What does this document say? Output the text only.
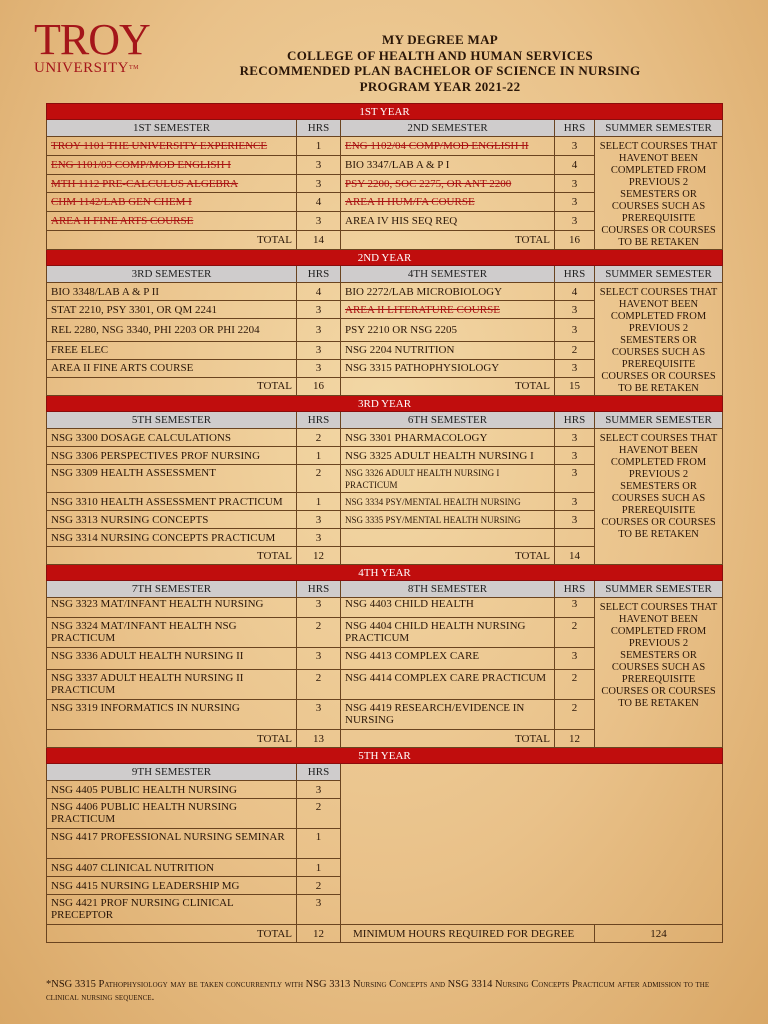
TROY
UNIVERSITY™
MY DEGREE MAP
COLLEGE OF HEALTH AND HUMAN SERVICES
RECOMMENDED PLAN BACHELOR OF SCIENCE IN NURSING
PROGRAM YEAR 2021-22
1ST YEAR				
1ST SEMESTER	HRS	2ND SEMESTER	HRS	SUMMER SEMESTER
TROY 1101 THE UNIVERSITY EXPERIENCE	1	ENG 1102/04 COMP/MOD ENGLISH II	3	SELECT COURSES THAT HAVENOT BEEN COMPLETED FROM PREVIOUS 2 SEMESTERS OR COURSES SUCH AS PREREQUISITE COURSES OR COURSES TO BE RETAKEN
ENG 1101/03 COMP/MOD ENGLISH I	3	BIO 3347/LAB A & P I	4	
MTH 1112 PRE-CALCULUS ALGEBRA	3	PSY 2200, SOC 2275, OR ANT 2200	3	
CHM 1142/LAB GEN CHEM I	4	AREA II HUM/FA COURSE	3	
AREA II FINE ARTS COURSE	3	AREA IV HIS SEQ REQ	3	
TOTAL	14	TOTAL	16	
2ND YEAR				
3RD SEMESTER	HRS	4TH SEMESTER	HRS	SUMMER SEMESTER
BIO 3348/LAB A & P II	4	BIO 2272/LAB MICROBIOLOGY	4	SELECT COURSES THAT HAVENOT BEEN COMPLETED FROM PREVIOUS 2 SEMESTERS OR COURSES SUCH AS PREREQUISITE COURSES OR COURSES TO BE RETAKEN
STAT 2210, PSY 3301, OR QM 2241	3	AREA II LITERATURE COURSE	3	
REL 2280, NSG 3340, PHI 2203 OR PHI 2204	3	PSY 2210 OR NSG 2205	3	
FREE ELEC	3	NSG 2204 NUTRITION	2	
AREA II FINE ARTS COURSE	3	NSG 3315 PATHOPHYSIOLOGY	3	
TOTAL	16	TOTAL	15	
3RD YEAR				
5TH SEMESTER	HRS	6TH SEMESTER	HRS	SUMMER SEMESTER
NSG 3300 DOSAGE CALCULATIONS	2	NSG 3301 PHARMACOLOGY	3	SELECT COURSES THAT HAVENOT BEEN COMPLETED FROM PREVIOUS 2 SEMESTERS OR COURSES SUCH AS PREREQUISITE COURSES OR COURSES TO BE RETAKEN
NSG 3306 PERSPECTIVES PROF NURSING	1	NSG 3325 ADULT HEALTH NURSING I	3	
NSG 3309 HEALTH ASSESSMENT	2	NSG 3326 ADULT HEALTH NURSING I PRACTICUM	3	
NSG 3310 HEALTH ASSESSMENT PRACTICUM	1	NSG 3334 PSY/MENTAL HEALTH NURSING	3	
NSG 3313 NURSING CONCEPTS	3	NSG 3335 PSY/MENTAL HEALTH NURSING	3	
NSG 3314 NURSING CONCEPTS PRACTICUM	3			
TOTAL	12	TOTAL	14	
4TH YEAR				
7TH SEMESTER	HRS	8TH SEMESTER	HRS	SUMMER SEMESTER
NSG 3323 MAT/INFANT HEALTH NURSING	3	NSG 4403 CHILD HEALTH	3	SELECT COURSES THAT HAVENOT BEEN COMPLETED FROM PREVIOUS 2 SEMESTERS OR COURSES SUCH AS PREREQUISITE COURSES OR COURSES TO BE RETAKEN
NSG 3324 MAT/INFANT HEALTH NSG PRACTICUM	2	NSG 4404 CHILD HEALTH NURSING PRACTICUM	2	
NSG 3336 ADULT HEALTH NURSING II	3	NSG 4413 COMPLEX CARE	3	
NSG 3337 ADULT HEALTH NURSING II PRACTICUM	2	NSG 4414 COMPLEX CARE PRACTICUM	2	
NSG 3319 INFORMATICS IN NURSING	3	NSG 4419 RESEARCH/EVIDENCE IN NURSING	2	
TOTAL	13	TOTAL	12	
5TH YEAR				
9TH SEMESTER	HRS			
NSG 4405 PUBLIC HEALTH NURSING	3			
NSG 4406 PUBLIC HEALTH NURSING PRACTICUM	2			
NSG 4417 PROFESSIONAL NURSING SEMINAR	1			
NSG 4407 CLINICAL NUTRITION	1			
NSG 4415 NURSING LEADERSHIP MG	2			
NSG 4421 PROF NURSING CLINICAL PRECEPTOR	3			
TOTAL	12	MINIMUM HOURS REQUIRED FOR DEGREE		124
*NSG 3315 Pathophysiology may be taken concurrently with NSG 3313 Nursing Concepts and NSG 3314 Nursing Concepts Practicum after admission to the clinical nursing sequence.
